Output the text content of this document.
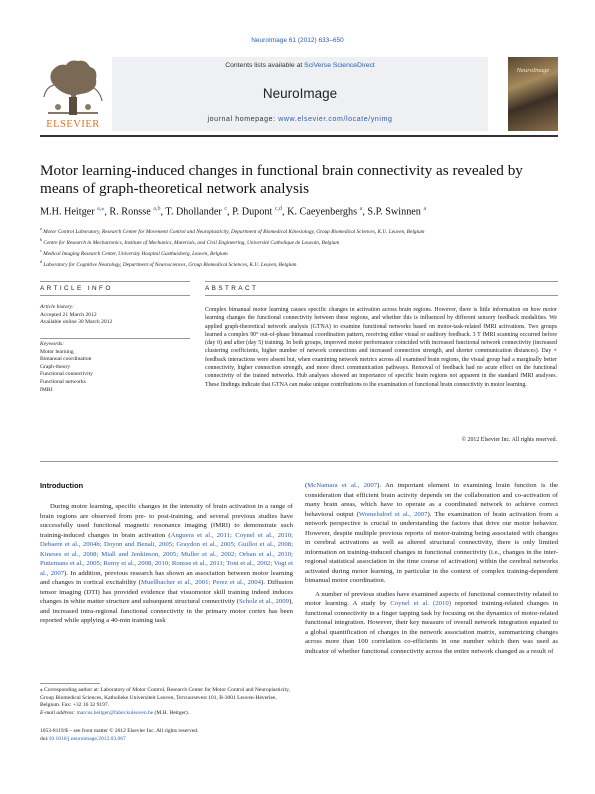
NeuroImage 61 (2012) 633–650
ELSEVIER
Contents lists available at SciVerse ScienceDirect
NeuroImage
journal homepage: www.elsevier.com/locate/ynimg
NeuroImage
Motor learning-induced changes in functional brain connectivity as revealed by means of graph-theoretical network analysis
M.H. Heitger $^{a,⁎}$, R. Ronsse $^{a,b}$, T. Dhollander $^c$, P. Dupont $^{c,d}$, K. Caeyenberghs $^a$, S.P. Swinnen $^a$
$^a$ Motor Control Laboratory, Research Center for Movement Control and Neuroplasticity, Department of Biomedical Kinesiology, Group Biomedical Sciences, K.U. Leuven, Belgium
$^b$ Centre for Research in Mechatronics, Institute of Mechanics, Materials, and Civil Engineering, Université Catholique de Louvain, Belgium
$^c$ Medical Imaging Research Center, University Hospital Gasthuisberg, Leuven, Belgium
$^d$ Laboratory for Cognitive Neurology, Department of Neurosciences, Group Biomedical Sciences, K.U. Leuven, Belgium
ARTICLE INFO	ABSTRACT
Article history:
Accepted 21 March 2012
Available online 30 March 2012
Keywords:
Motor learning
Bimanual coordination
Graph-theory
Functional connectivity
Functional networks
fMRI
Complex bimanual motor learning causes specific changes in activation across brain regions. However, there is little information on how motor learning changes the functional connectivity between these regions, and whether this is influenced by different sensory feedback modalities. We applied graph-theoretical network analysis (GTNA) to examine functional networks based on motor-task-related fMRI activations. Two groups learned a complex 90° out-of-phase bimanual coordination pattern, receiving either visual or auditory feedback. 3 T fMRI scanning occurred before (day 0) and after (day 5) training. In both groups, improved motor performance coincided with increased functional network connectivity (increased clustering coefficients, higher number of network connections and increased connection strength, and shorter communication distances). Day × feedback interactions were absent but, when examining network metrics across all examined brain regions, the visual group had a marginally better connectivity, higher connection strength, and more direct communication pathways. Removal of feedback had no acute effect on the functional connectivity of the trained networks. Hub analyses showed an importance of specific brain regions not apparent in the standard fMRI analyses. These findings indicate that GTNA can make unique contributions to the examination of functional brain connectivity in motor learning.
© 2012 Elsevier Inc. All rights reserved.
Introduction

During motor learning, specific changes in the intensity of brain activation in a range of brain regions are observed from pre- to post-training, and several previous studies have successfully used functional magnetic resonance imaging (fMRI) to demonstrate such training-induced changes in brain activation (Anguera et al., 2011; Coynel et al., 2010; Debaere et al., 2004b; Doyon and Benali, 2005; Graydon et al., 2005; Guillot et al., 2008; Kineses et al., 2008; Miall and Jenkinson, 2005; Muller et al., 2002; Orban et al., 2010; Puttemans et al., 2005; Remy et al., 2008, 2010; Ronsse et al., 2011; Toni et al., 2002; Vogt et al., 2007). In addition, previous research has shown an association between motor learning and changes in cortical excitability (Muellbacher et al., 2001; Perez et al., 2004). Diffusion tensor imaging (DTI) has provided evidence that visuomotor skill training indeed induces changes in white matter structure and subsequent structural connectivity (Scholz et al., 2009), and increased intra-regional functional connectivity in the primary motor cortex has been reported while applying a 40-min training task

(McNamara et al., 2007). An important element in examining brain function is the consideration that efficient brain activity depends on the collaboration and co-activation of many brain areas, which have to operate as a coordinated network to achieve correct behavioral output (Womelsdorf et al., 2007). The examination of brain activation from a network perspective is crucial in understanding the factors that drive our motor behavior. However, despite multiple previous reports of motor-training being associated with changes in cerebral activations as well as altered structural connectivity, there is only limited information on training-induced changes in functional connectivity (i.e., changes in the inter-regional statistical association in the time course of activation) within the cerebral networks activated during motor learning, in particular in the context of complex training-dependent bimanual motor coordination.

A number of previous studies have examined aspects of functional connectivity related to motor learning. A study by Coynel et al. (2010) reported training-related changes in functional connectivity in a finger tapping task by focusing on the dynamics of motor-related functional integration. However, their key measure of overall network integration equated to a global quantification of changes in the network association matrix, summarizing changes across more than 100 correlation co-efficients in one number which then was used as indicator of whether functional connectivity across the entire network changed as a result of

⁎ Corresponding author at: Laboratory of Motor Control, Research Center for Motor Control and Neuroplasticity, Group Biomedical Sciences, Katholieke Universiteit Leuven, Tervuursevest 101, B-3001 Leuven-Heverlee, Belgium. Fax: +32 16 32 9197.
E-mail address: marcus.heitger@faber.kuleuven.be (M.H. Heitger).
1053-8119/$ – see front matter © 2012 Elsevier Inc. All rights reserved.
doi:10.1016/j.neuroimage.2012.03.067
